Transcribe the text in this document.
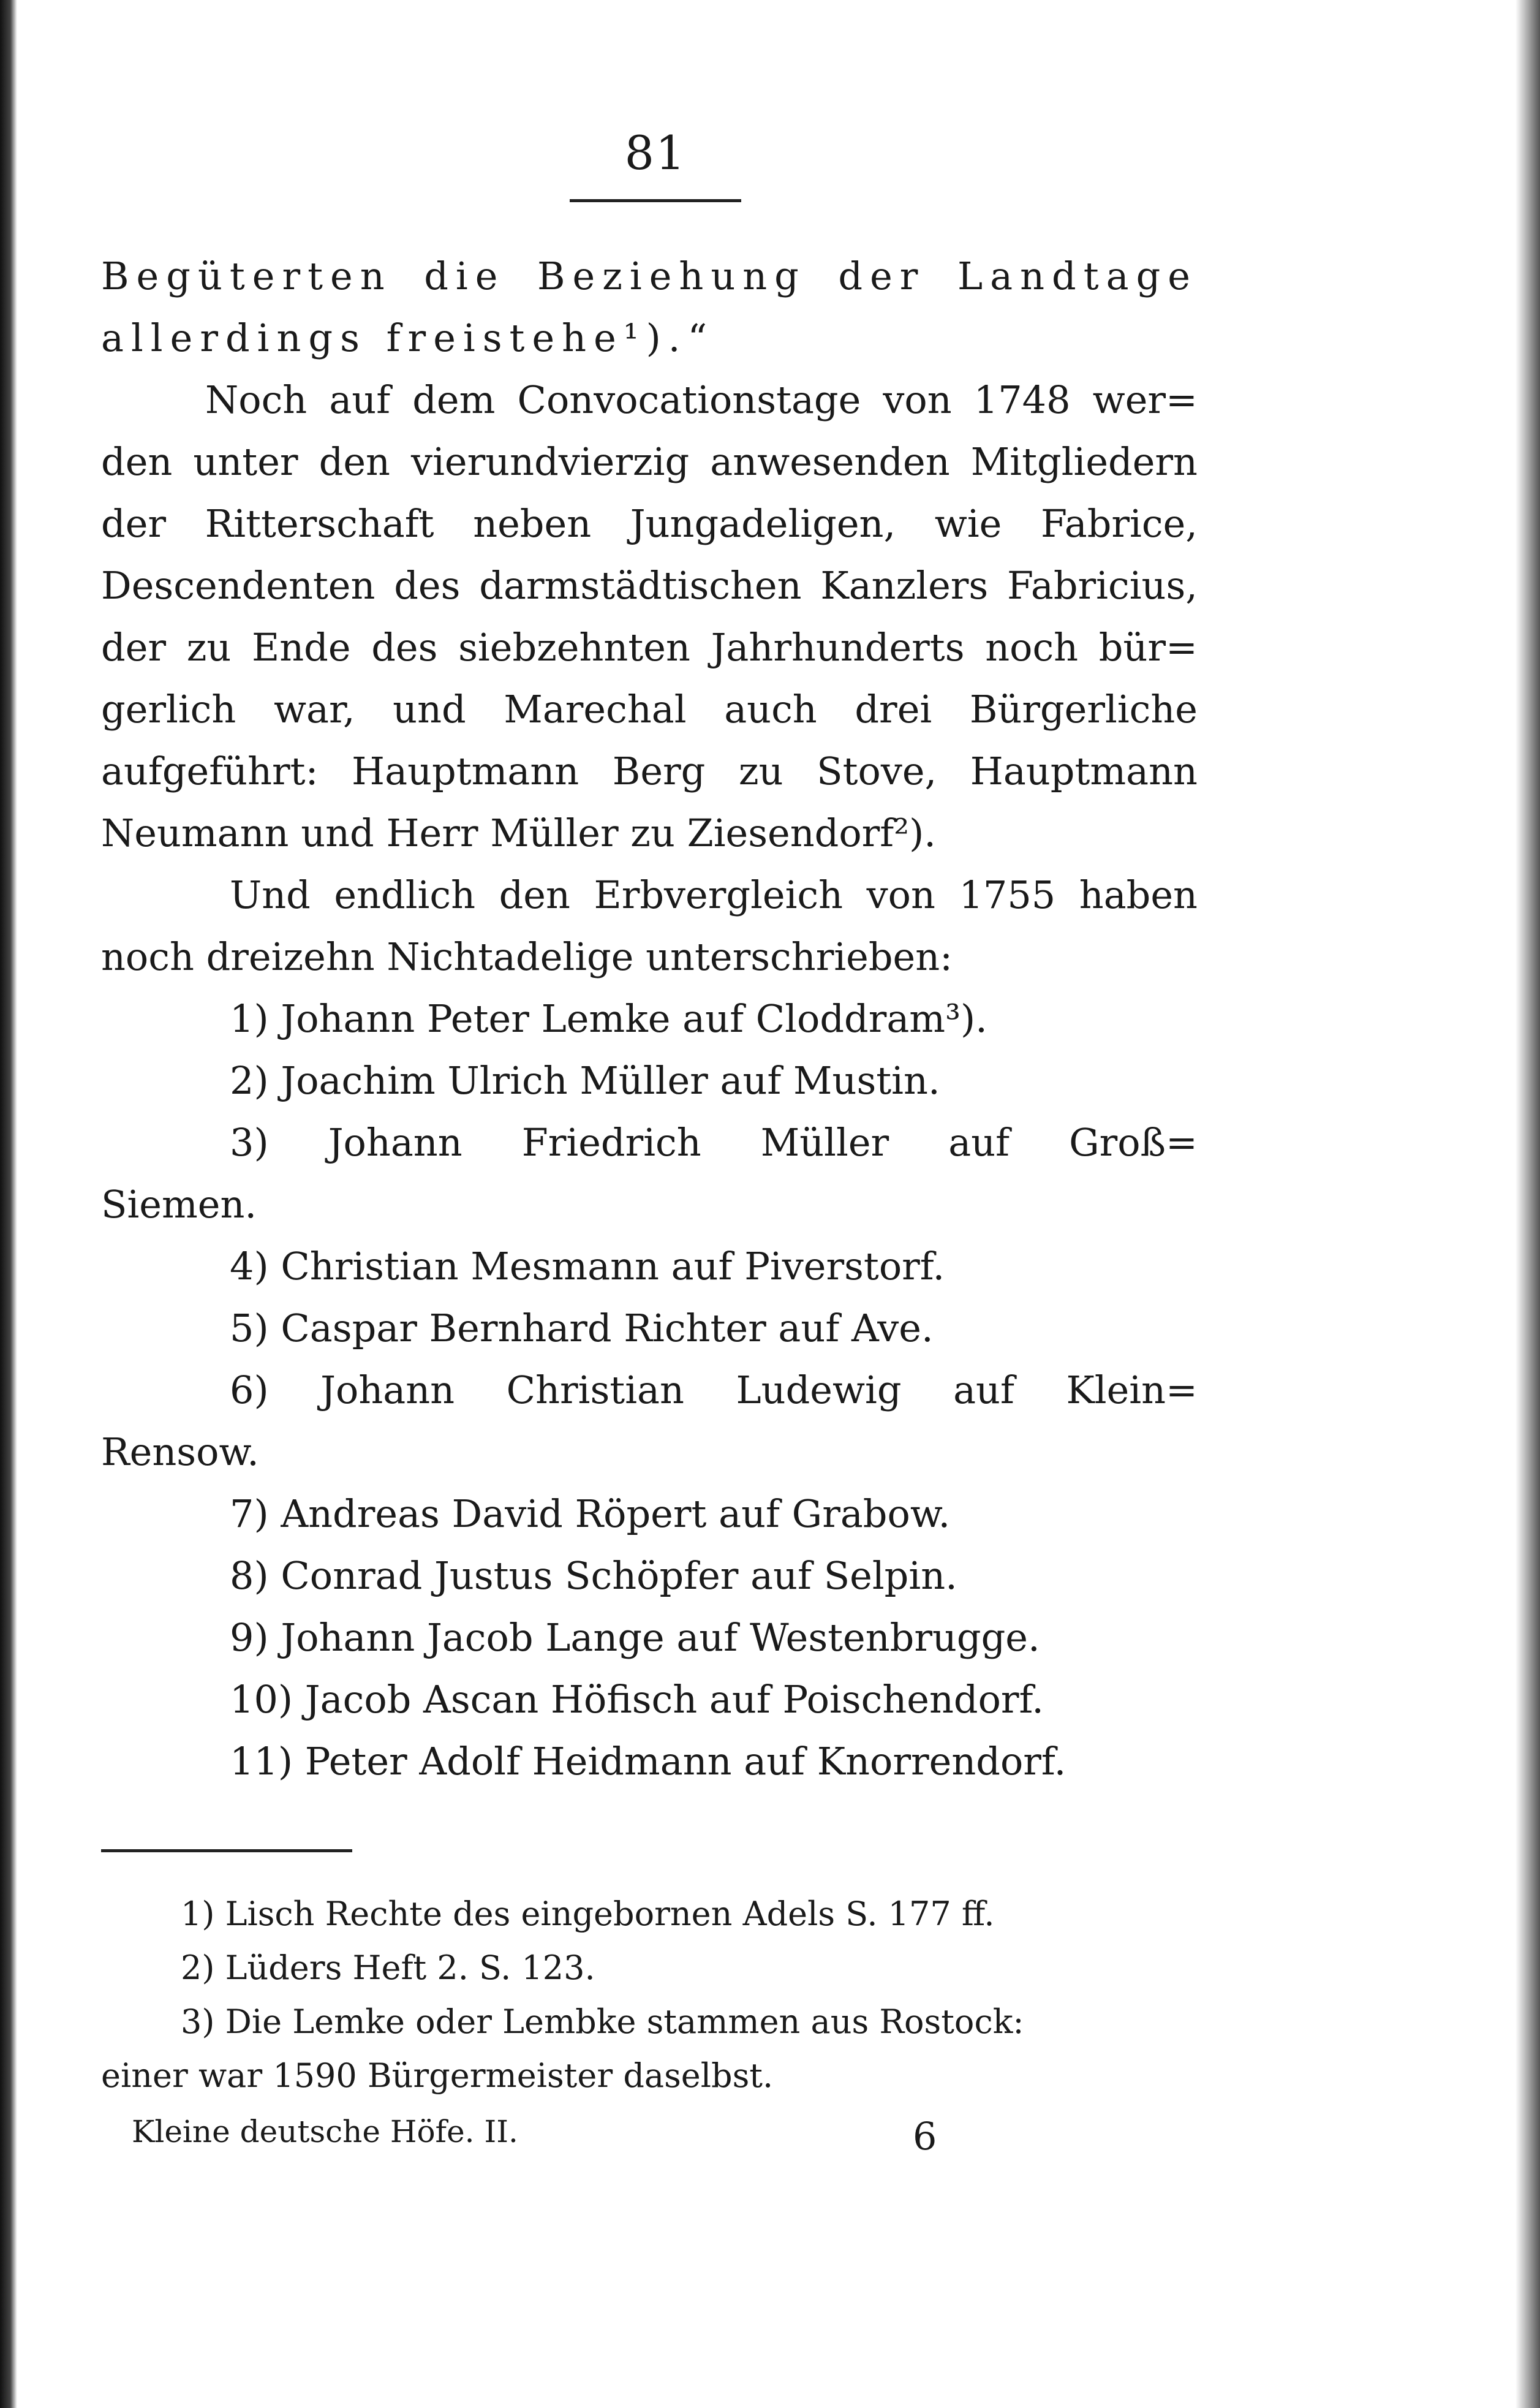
81
Begüterten die Beziehung der Landtage
allerdings freistehe¹).“
Noch auf dem Convocationstage von 1748 wer=
den unter den vierundvierzig anwesenden Mitgliedern
der Ritterschaft neben Jungadeligen, wie Fabrice,
Descendenten des darmstädtischen Kanzlers Fabricius,
der zu Ende des siebzehnten Jahrhunderts noch bür=
gerlich war, und Marechal auch drei Bürgerliche
aufgeführt: Hauptmann Berg zu Stove, Hauptmann
Neumann und Herr Müller zu Ziesendorf²).
Und endlich den Erbvergleich von 1755 haben
noch dreizehn Nichtadelige unterschrieben:
1) Johann Peter Lemke auf Cloddram³).
2) Joachim Ulrich Müller auf Mustin.
3) Johann Friedrich Müller auf Groß=
Siemen.
4) Christian Mesmann auf Piverstorf.
5) Caspar Bernhard Richter auf Ave.
6) Johann Christian Ludewig auf Klein=
Rensow.
7) Andreas David Röpert auf Grabow.
8) Conrad Justus Schöpfer auf Selpin.
9) Johann Jacob Lange auf Westenbrugge.
10) Jacob Ascan Höfisch auf Poischendorf.
11) Peter Adolf Heidmann auf Knorrendorf.
1) Lisch Rechte des eingebornen Adels S. 177 ff.
2) Lüders Heft 2. S. 123.
3) Die Lemke oder Lembke stammen aus Rostock:
einer war 1590 Bürgermeister daselbst.
Kleine deutsche Höfe. II.	6
